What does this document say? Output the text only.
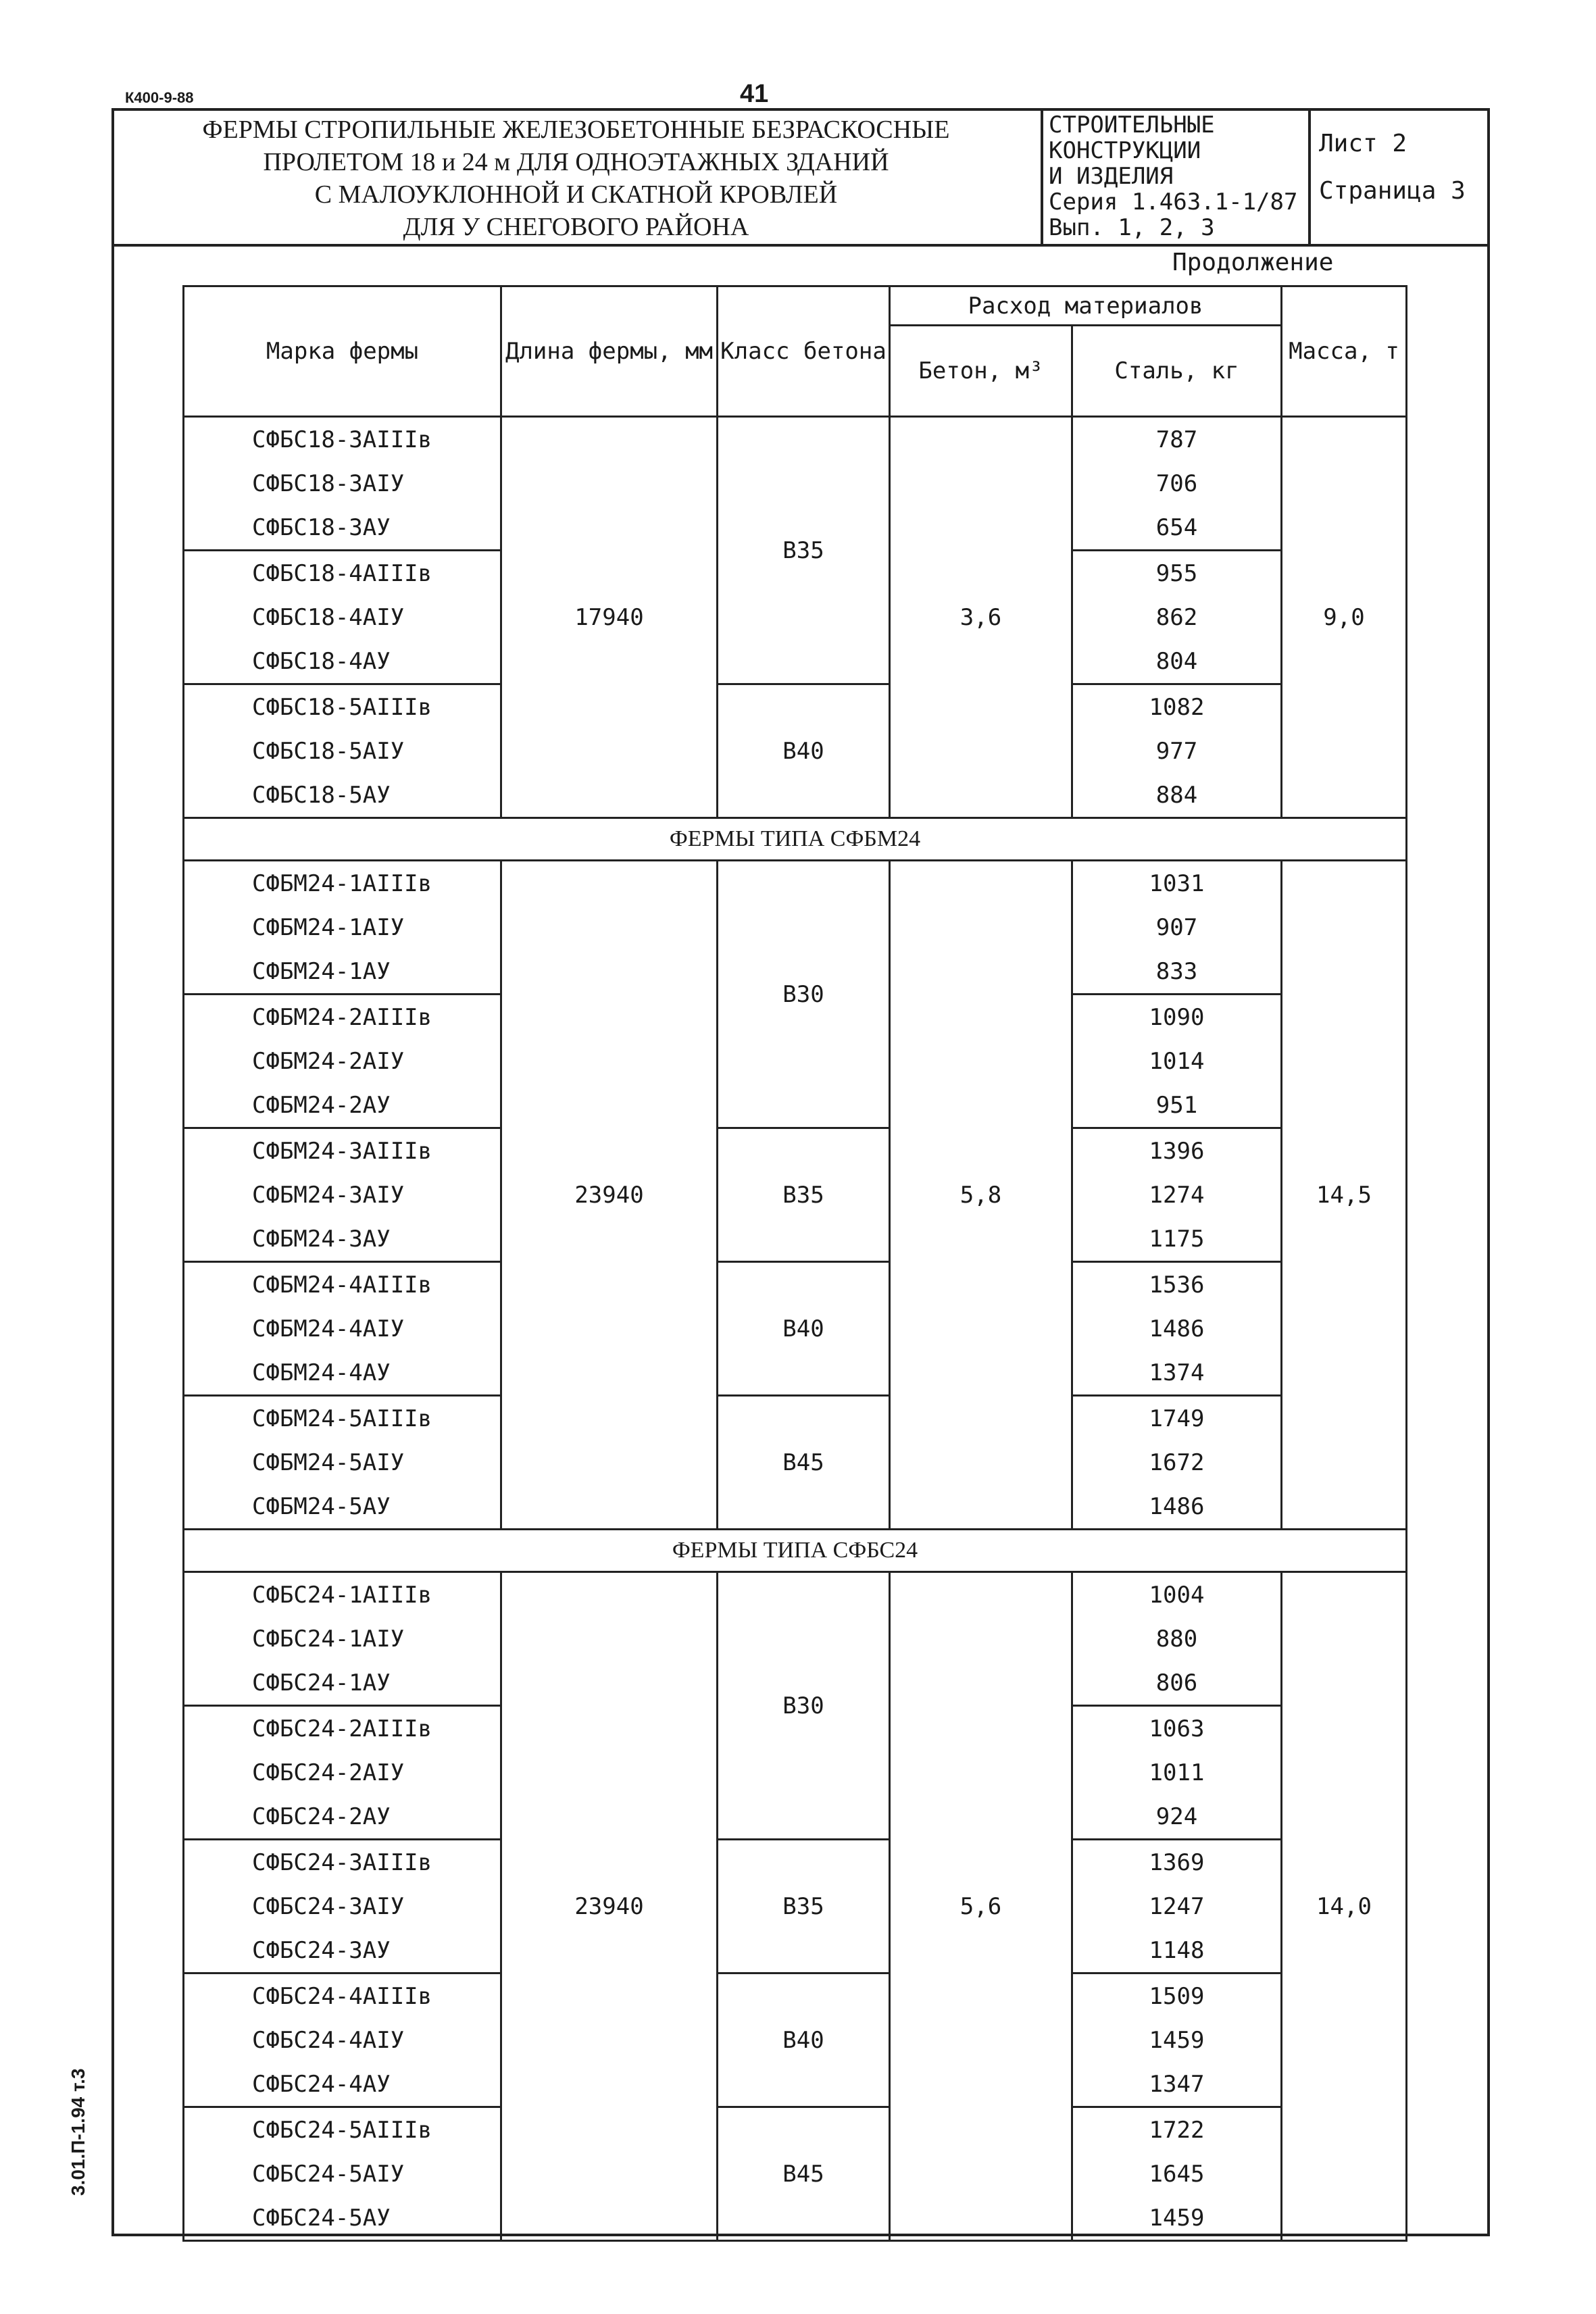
К400-9-88	41
3.01.П-1.94 т.3
ФЕРМЫ СТРОПИЛЬНЫЕ ЖЕЛЕЗОБЕТОННЫЕ БЕЗРАСКОСНЫЕ
ПРОЛЕТОМ 18 и 24 м ДЛЯ ОДНОЭТАЖНЫХ ЗДАНИЙ
С МАЛОУКЛОННОЙ И СКАТНОЙ КРОВЛЕЙ
ДЛЯ У СНЕГОВОГО РАЙОНА
СТРОИТЕЛЬНЫЕ
КОНСТРУКЦИИ
И ИЗДЕЛИЯ
Серия 1.463.1-1/87
Вып. 1, 2, 3
Лист 2
Страница 3
Продолжение
Марка фермы	Длина фермы, мм	Класс бетона	Расход материалов		Масса, т
			Бетон, м³	Сталь, кг	
СФБС18-3АIIIв	17940	В35	3,6	787	9,0
СФБС18-3АIУ				706	
СФБС18-3АУ				654	
СФБС18-4АIIIв				955	
СФБС18-4АIУ				862	
СФБС18-4АУ				804	
СФБС18-5АIIIв		В40		1082	
СФБС18-5АIУ				977	
СФБС18-5АУ				884	
ФЕРМЫ ТИПА СФБМ24					
СФБМ24-1АIIIв	23940	В30	5,8	1031	14,5
СФБМ24-1АIУ				907	
СФБМ24-1АУ				833	
СФБМ24-2АIIIв				1090	
СФБМ24-2АIУ				1014	
СФБМ24-2АУ				951	
СФБМ24-3АIIIв		В35		1396	
СФБМ24-3АIУ				1274	
СФБМ24-3АУ				1175	
СФБМ24-4АIIIв		В40		1536	
СФБМ24-4АIУ				1486	
СФБМ24-4АУ				1374	
СФБМ24-5АIIIв		В45		1749	
СФБМ24-5АIУ				1672	
СФБМ24-5АУ				1486	
ФЕРМЫ ТИПА СФБС24					
СФБС24-1АIIIв	23940	В30	5,6	1004	14,0
СФБС24-1АIУ				880	
СФБС24-1АУ				806	
СФБС24-2АIIIв				1063	
СФБС24-2АIУ				1011	
СФБС24-2АУ				924	
СФБС24-3АIIIв		В35		1369	
СФБС24-3АIУ				1247	
СФБС24-3АУ				1148	
СФБС24-4АIIIв		В40		1509	
СФБС24-4АIУ				1459	
СФБС24-4АУ				1347	
СФБС24-5АIIIв		В45		1722	
СФБС24-5АIУ				1645	
СФБС24-5АУ				1459	
